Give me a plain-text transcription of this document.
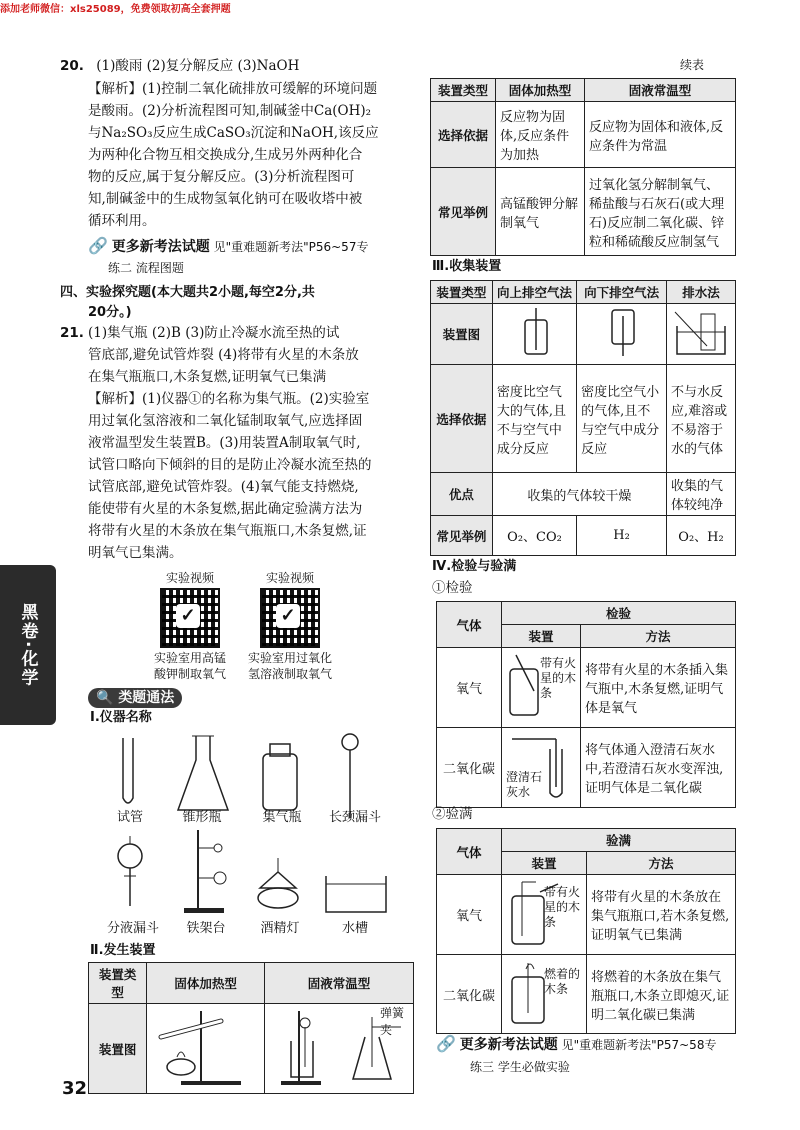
添加老师微信：xls25089，免费领取初高全套押题
黑卷·化学
20. (1)酸雨 (2)复分解反应 (3)NaOH
【解析】(1)控制二氧化硫排放可缓解的环境问题
是酸雨。(2)分析流程图可知,制碱釜中Ca(OH)₂
与Na₂SO₃反应生成CaSO₃沉淀和NaOH,该反应
为两种化合物互相交换成分,生成另外两种化合
物的反应,属于复分解反应。(3)分析流程图可
知,制碱釜中的生成物氢氧化钠可在吸收塔中被
循环利用。
🔗 更多新考法试题 见"重难题新考法"P56~57专
练二 流程图题
四、实验探究题(本大题共2小题,每空2分,共
20分。)
21. (1)集气瓶 (2)B (3)防止冷凝水流至热的试
管底部,避免试管炸裂 (4)将带有火星的木条放
在集气瓶瓶口,木条复燃,证明氧气已集满
【解析】(1)仪器①的名称为集气瓶。(2)实验室
用过氧化氢溶液和二氧化锰制取氧气,应选择固
液常温型发生装置B。(3)用装置A制取氧气时,
试管口略向下倾斜的目的是防止冷凝水流至热的
试管底部,避免试管炸裂。(4)氧气能支持燃烧,
能使带有火星的木条复燃,据此确定验满方法为
将带有火星的木条放在集气瓶瓶口,木条复燃,证
明氧气已集满。
实验视频
✓
实验室用高锰
酸钾制取氧气
实验视频
✓
实验室用过氧化
氢溶液制取氧气
🔍 类题通法
Ⅰ.仪器名称
试管	锥形瓶	集气瓶	长颈漏斗
分液漏斗	铁架台	酒精灯	水槽
Ⅱ.发生装置
装置类型	固体加热型	固液常温型
装置图		弹簧夹
32
续表
装置类型	固体加热型	固液常温型
选择依据	反应物为固体,反应条件为加热	反应物为固体和液体,反应条件为常温
常见举例	高锰酸钾分解制氧气	过氧化氢分解制氧气、稀盐酸与石灰石(或大理石)反应制二氧化碳、锌粒和稀硫酸反应制氢气
Ⅲ.收集装置
装置类型	向上排空气法	向下排空气法	排水法
装置图			
选择依据	密度比空气大的气体,且不与空气中成分反应	密度比空气小的气体,且不与空气中成分反应	不与水反应,难溶或不易溶于水的气体
优点	收集的气体较干燥		收集的气体较纯净
常见举例	O₂、CO₂	H₂	O₂、H₂
Ⅳ.检验与验满
①检验
气体	检验	
	装置	方法
氧气	带有火星的木条	将带有火星的木条插入集气瓶中,木条复燃,证明气体是氧气
二氧化碳	澄清石灰水	将气体通入澄清石灰水中,若澄清石灰水变浑浊,证明气体是二氧化碳
②验满
气体	验满	
	装置	方法
氧气	带有火星的木条	将带有火星的木条放在集气瓶瓶口,若木条复燃,证明氧气已集满
二氧化碳	燃着的木条	将燃着的木条放在集气瓶瓶口,木条立即熄灭,证明二氧化碳已集满
🔗 更多新考法试题 见"重难题新考法"P57~58专
练三 学生必做实验
